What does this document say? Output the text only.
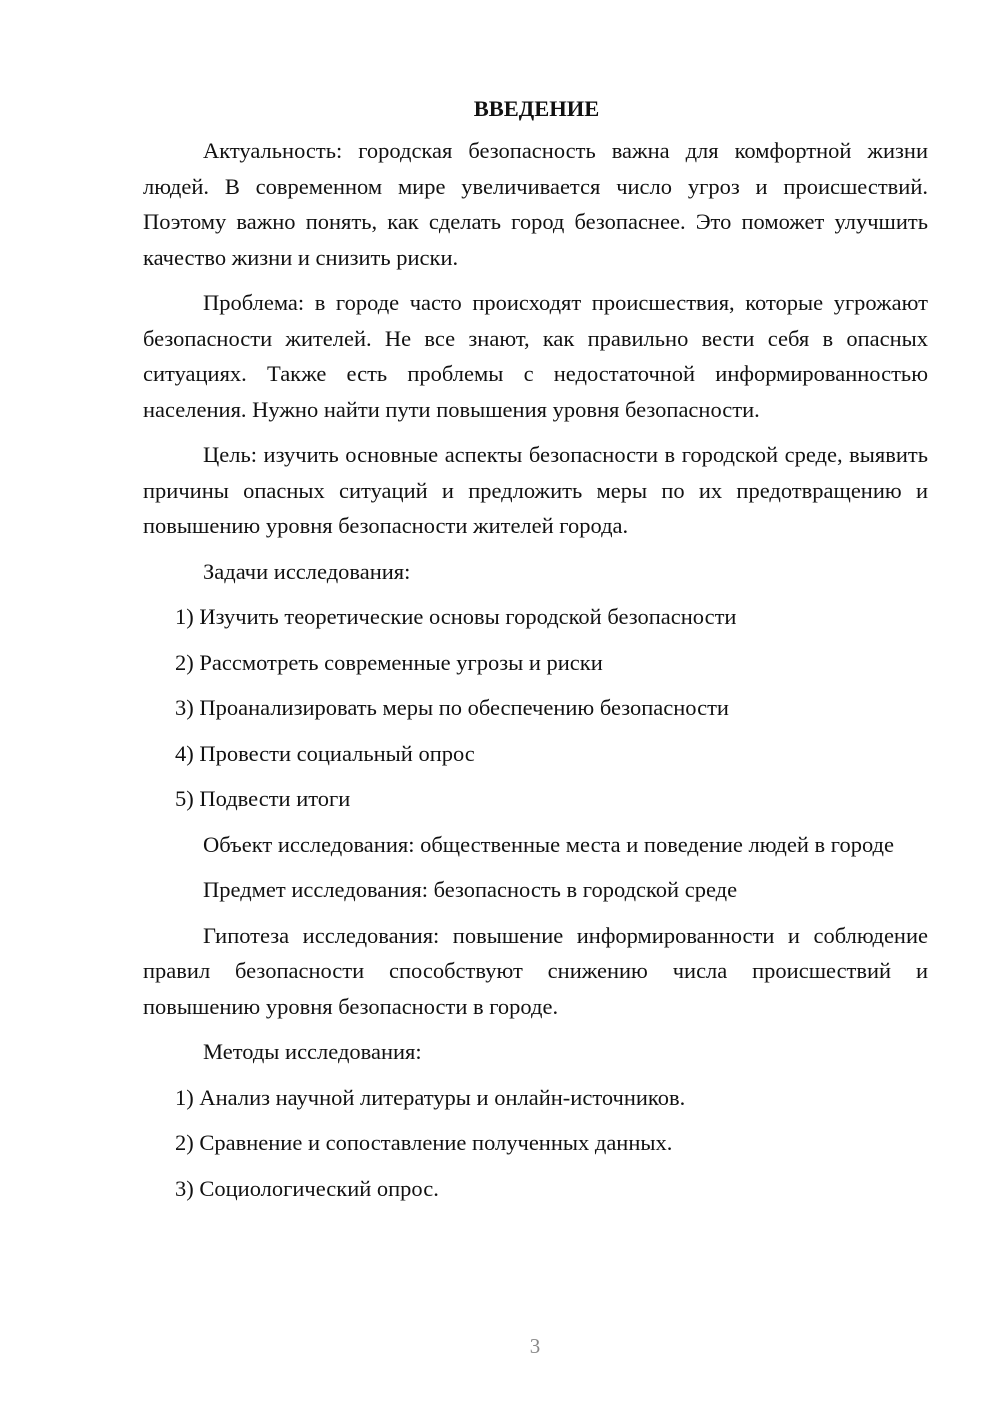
ВВЕДЕНИЕ

Актуальность: городская безопасность важна для комфортной жизни людей. В современном мире увеличивается число угроз и происшествий. Поэтому важно понять, как сделать город безопаснее. Это поможет улучшить качество жизни и снизить риски.

Проблема: в городе часто происходят происшествия, которые угрожают безопасности жителей. Не все знают, как правильно вести себя в опасных ситуациях. Также есть проблемы с недостаточной информированностью населения. Нужно найти пути повышения уровня безопасности.

Цель: изучить основные аспекты безопасности в городской среде, выявить причины опасных ситуаций и предложить меры по их предотвращению и повышению уровня безопасности жителей города.

Задачи исследования:

1) Изучить теоретические основы городской безопасности

2) Рассмотреть современные угрозы и риски

3) Проанализировать меры по обеспечению безопасности

4) Провести социальный опрос

5) Подвести итоги

Объект исследования: общественные места и поведение людей в городе

Предмет исследования: безопасность в городской среде

Гипотеза исследования: повышение информированности и соблюдение правил безопасности способствуют снижению числа происшествий и повышению уровня безопасности в городе.

Методы исследования:

1) Анализ научной литературы и онлайн-источников.

2) Сравнение и сопоставление полученных данных.

3) Социологический опрос.

3
